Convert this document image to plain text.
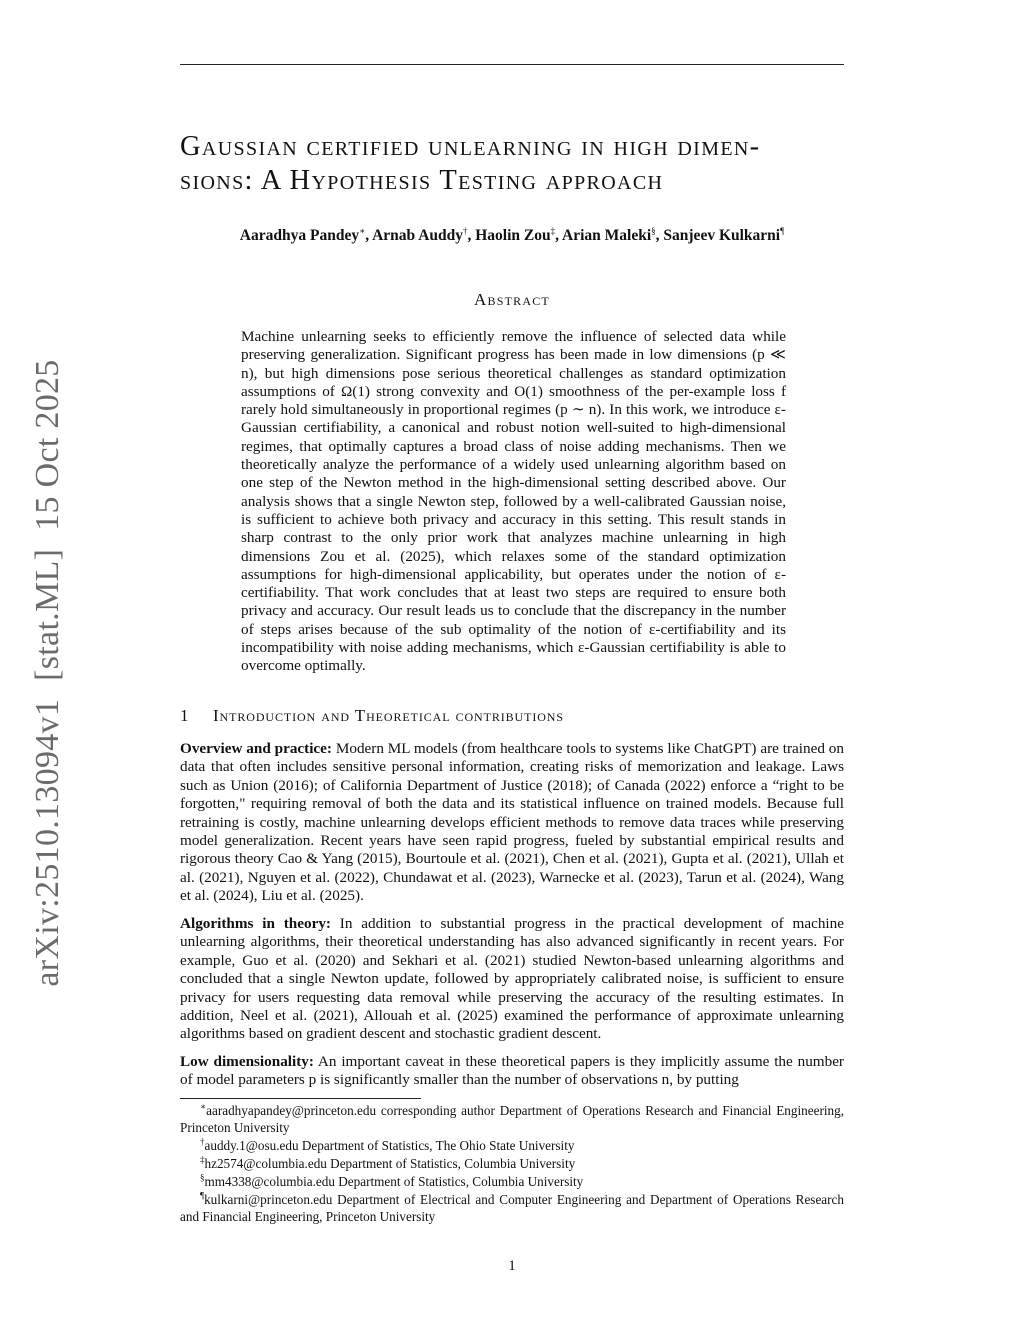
arXiv:2510.13094v1[stat.ML]15 Oct 2025
Gaussian certified unlearning in high dimen-
sions: A Hypothesis Testing approach
Aaradhya Pandey∗, Arnab Auddy†, Haolin Zou‡, Arian Maleki§, Sanjeev Kulkarni¶
Abstract

Machine unlearning seeks to efficiently remove the influence of selected data while preserving generalization. Significant progress has been made in low dimensions (p ≪ n), but high dimensions pose serious theoretical challenges as standard optimization assumptions of Ω(1) strong convexity and O(1) smoothness of the per-example loss f rarely hold simultaneously in proportional regimes (p ∼ n). In this work, we introduce ε-Gaussian certifiability, a canonical and robust notion well-suited to high-dimensional regimes, that optimally captures a broad class of noise adding mechanisms. Then we theoretically analyze the performance of a widely used unlearning algorithm based on one step of the Newton method in the high-dimensional setting described above. Our analysis shows that a single Newton step, followed by a well-calibrated Gaussian noise, is sufficient to achieve both privacy and accuracy in this setting. This result stands in sharp contrast to the only prior work that analyzes machine unlearning in high dimensions Zou et al. (2025), which relaxes some of the standard optimization assumptions for high-dimensional applicability, but operates under the notion of ε-certifiability. That work concludes that at least two steps are required to ensure both privacy and accuracy. Our result leads us to conclude that the discrepancy in the number of steps arises because of the sub optimality of the notion of ε-certifiability and its incompatibility with noise adding mechanisms, which ε-Gaussian certifiability is able to overcome optimally.

1 Introduction and Theoretical contributions

Overview and practice: Modern ML models (from healthcare tools to systems like ChatGPT) are trained on data that often includes sensitive personal information, creating risks of memorization and leakage. Laws such as Union (2016); of California Department of Justice (2018); of Canada (2022) enforce a “right to be forgotten," requiring removal of both the data and its statistical influence on trained models. Because full retraining is costly, machine unlearning develops efficient methods to remove data traces while preserving model generalization. Recent years have seen rapid progress, fueled by substantial empirical results and rigorous theory Cao & Yang (2015), Bourtoule et al. (2021), Chen et al. (2021), Gupta et al. (2021), Ullah et al. (2021), Nguyen et al. (2022), Chundawat et al. (2023), Warnecke et al. (2023), Tarun et al. (2024), Wang et al. (2024), Liu et al. (2025).

Algorithms in theory: In addition to substantial progress in the practical development of machine unlearning algorithms, their theoretical understanding has also advanced significantly in recent years. For example, Guo et al. (2020) and Sekhari et al. (2021) studied Newton-based unlearning algorithms and concluded that a single Newton update, followed by appropriately calibrated noise, is sufficient to ensure privacy for users requesting data removal while preserving the accuracy of the resulting estimates. In addition, Neel et al. (2021), Allouah et al. (2025) examined the performance of approximate unlearning algorithms based on gradient descent and stochastic gradient descent.

Low dimensionality: An important caveat in these theoretical papers is they implicitly assume the number of model parameters p is significantly smaller than the number of observations n, by putting

∗aaradhyapandey@princeton.edu corresponding author Department of Operations Research and Financial Engineering, Princeton University

†auddy.1@osu.edu Department of Statistics, The Ohio State University

‡hz2574@columbia.edu Department of Statistics, Columbia University

§mm4338@columbia.edu Department of Statistics, Columbia University

¶kulkarni@princeton.edu Department of Electrical and Computer Engineering and Department of Operations Research and Financial Engineering, Princeton University

1
